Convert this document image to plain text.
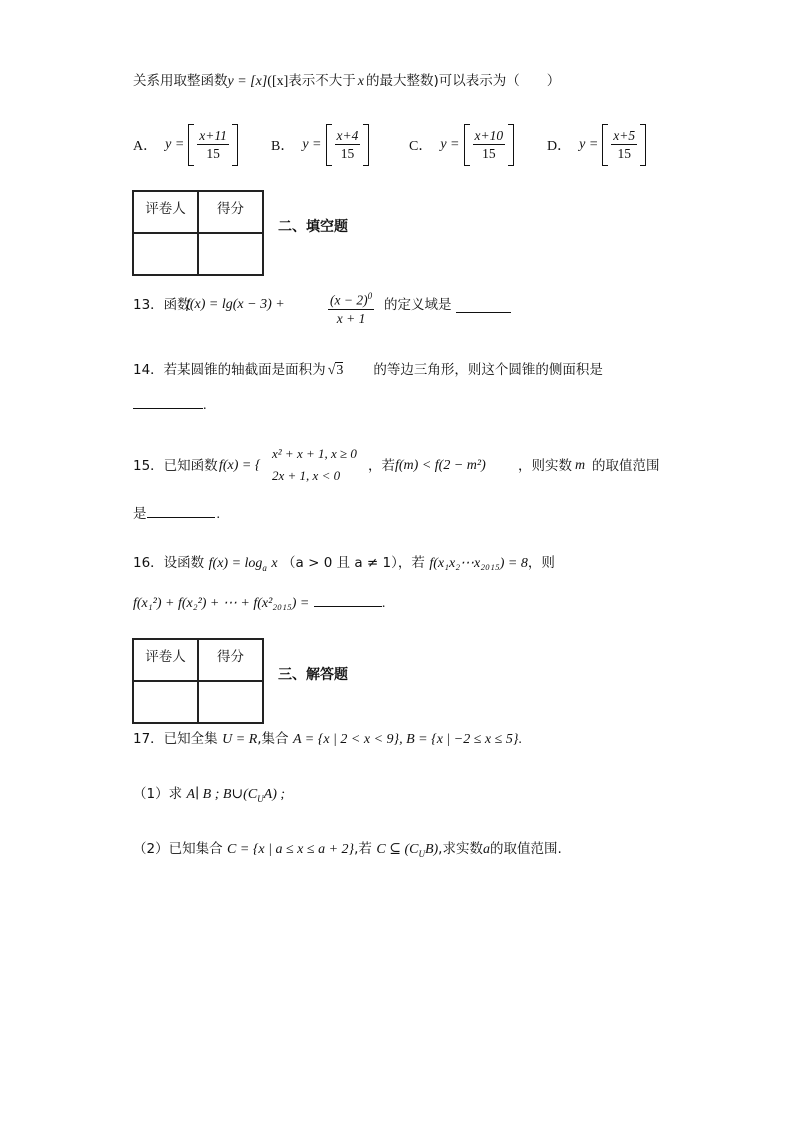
关系用取整函数y = [x]([x]表示不大于 x 的最大整数)可以表示为（　　）
A． $y = \frac{x+11}{15}$	B． $y = \frac{x+4}{15}$	C． $y = \frac{x+10}{15}$	D． $y = \frac{x+5}{15}$
评卷人	得分

二、填空题
13．函数
f(x) = lg(x − 3) +	$(x - 2)^0$
x + 1
的定义域是
14．若某圆锥的轴截面是面积为 √3 的等边三角形，则这个圆锥的侧面积是
.
15．已知函数 f(x) = {
x² + x + 1, x ≥ 0
2x + 1, x < 0
，若 f(m) < f(2 − m²) ，则实数 m 的取值范围
是	.
16．设函数 $f(x) = \log_a x$ （a > 0 且 a ≠ 1），若 f(x₁x₂⋯x₂₀₁₅) = 8，则
f(x₁²) + f(x₂²) + ⋯ + f(x²₂₀₁₅) =	.
评卷人	得分

三、解答题
17．已知全集 U = R,集合 A = {x | 2 < x < 9}, B = {x | −2 ≤ x ≤ 5}.
（1）求 A∣ B ; $B\cup(C_UA)$ ;
（2）已知集合 C = {x | a ≤ x ≤ a + 2},若 C ⊆ $(C_UB)$,求实数a的取值范围.
